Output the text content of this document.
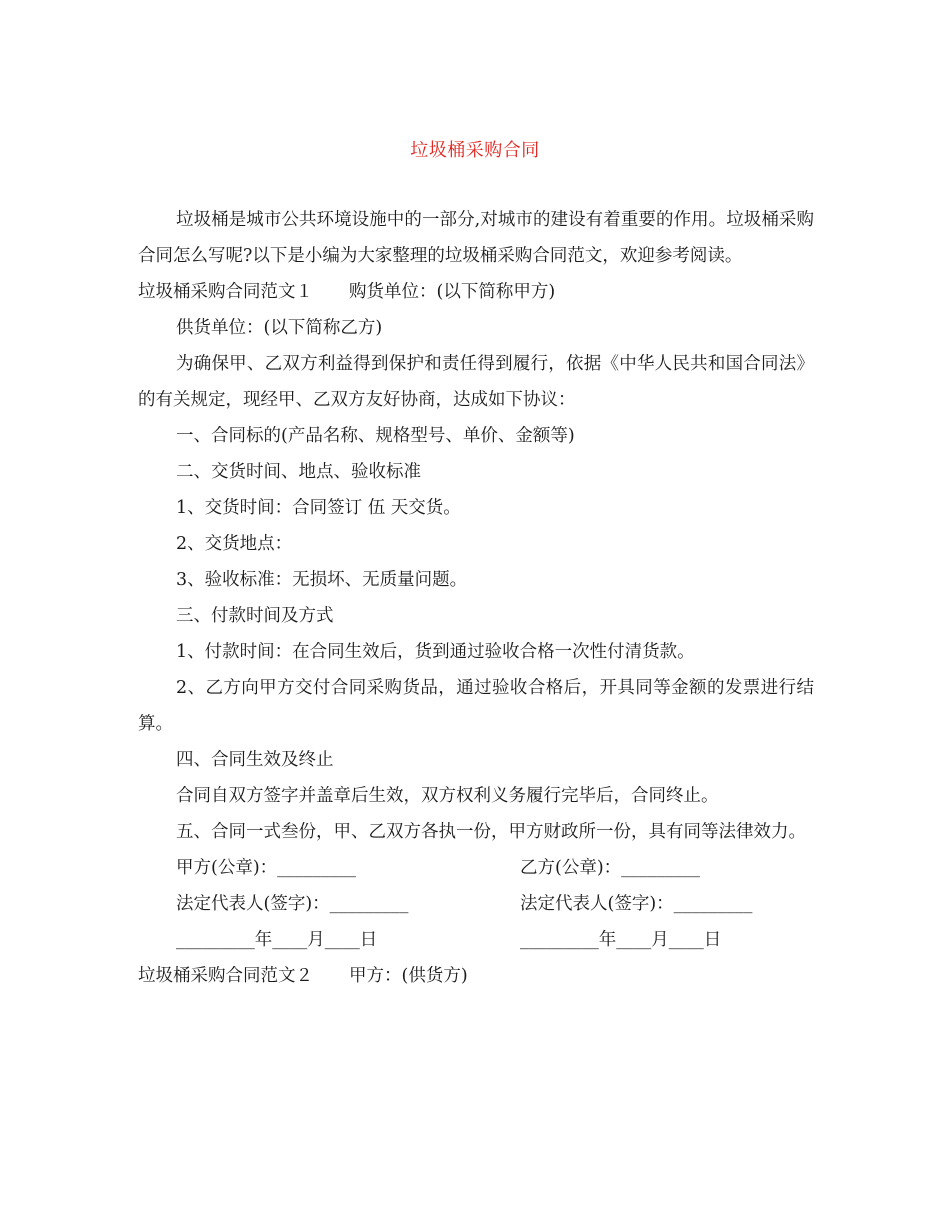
垃圾桶采购合同

垃圾桶是城市公共环境设施中的一部分,对城市的建设有着重要的作用。垃圾桶采购合同怎么写呢?以下是小编为大家整理的垃圾桶采购合同范文，欢迎参考阅读。

垃圾桶采购合同范文１ 购货单位：(以下简称甲方)

供货单位：(以下简称乙方)

为确保甲、乙双方利益得到保护和责任得到履行，依据《中华人民共和国合同法》的有关规定，现经甲、乙双方友好协商，达成如下协议：

一、合同标的(产品名称、规格型号、单价、金额等)

二、交货时间、地点、验收标准

1、交货时间：合同签订 伍 天交货。

2、交货地点：

3、验收标准：无损坏、无质量问题。

三、付款时间及方式

1、付款时间：在合同生效后，货到通过验收合格一次性付清货款。

2、乙方向甲方交付合同采购货品，通过验收合格后，开具同等金额的发票进行结算。

四、合同生效及终止

合同自双方签字并盖章后生效，双方权利义务履行完毕后，合同终止。

五、合同一式叁份，甲、乙双方各执一份，甲方财政所一份，具有同等法律效力。

甲方(公章)：_________	乙方(公章)：_________
法定代表人(签字)：_________	法定代表人(签字)：_________
_________年____月____日	_________年____月____日

垃圾桶采购合同范文２ 甲方：(供货方)
